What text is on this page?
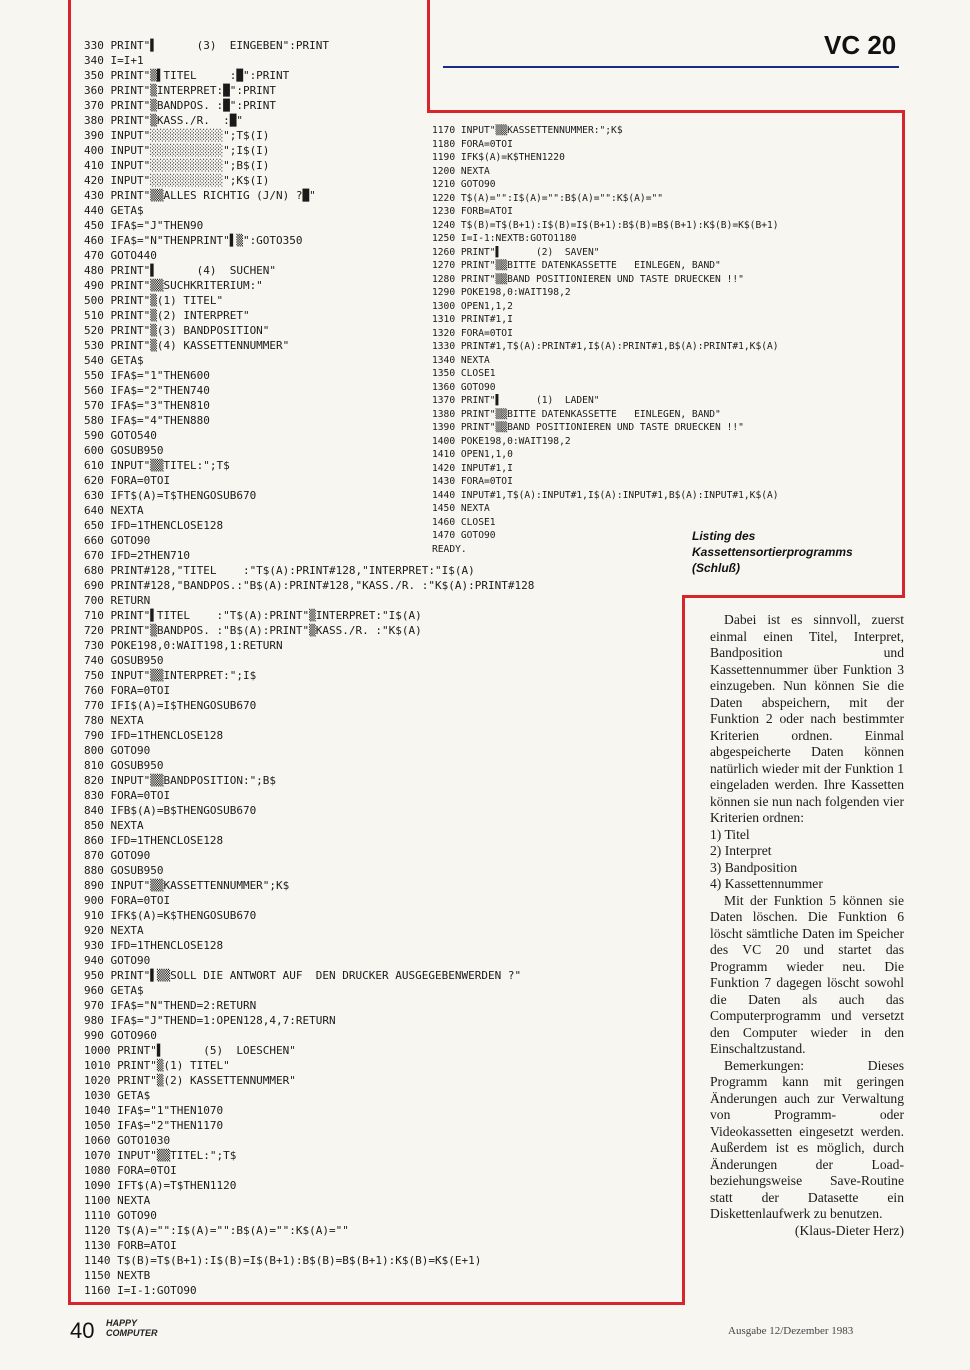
VC 20
330 PRINT"▌      (3)  EINGEBEN":PRINT
340 I=I+1
350 PRINT"▒▌TITEL     :█":PRINT
360 PRINT"▒INTERPRET:█":PRINT
370 PRINT"▒BANDPOS. :█":PRINT
380 PRINT"▒KASS./R.  :█"
390 INPUT"░░░░░░░░░░░";T$(I)
400 INPUT"░░░░░░░░░░░";I$(I)
410 INPUT"░░░░░░░░░░░";B$(I)
420 INPUT"░░░░░░░░░░░";K$(I)
430 PRINT"▒▒ALLES RICHTIG (J/N) ?█"
440 GETA$
450 IFA$="J"THEN90
460 IFA$="N"THENPRINT"▌▒":GOTO350
470 GOTO440
480 PRINT"▌      (4)  SUCHEN"
490 PRINT"▒▒SUCHKRITERIUM:"
500 PRINT"▒(1) TITEL"
510 PRINT"▒(2) INTERPRET"
520 PRINT"▒(3) BANDPOSITION"
530 PRINT"▒(4) KASSETTENNUMMER"
540 GETA$
550 IFA$="1"THEN600
560 IFA$="2"THEN740
570 IFA$="3"THEN810
580 IFA$="4"THEN880
590 GOTO540
600 GOSUB950
610 INPUT"▒▒TITEL:";T$
620 FORA=0TOI
630 IFT$(A)=T$THENGOSUB670
640 NEXTA
650 IFD=1THENCLOSE128
660 GOTO90
670 IFD=2THEN710
680 PRINT#128,"TITEL    :"T$(A):PRINT#128,"INTERPRET:"I$(A)
690 PRINT#128,"BANDPOS.:"B$(A):PRINT#128,"KASS./R. :"K$(A):PRINT#128
700 RETURN
710 PRINT"▌TITEL    :"T$(A):PRINT"▒INTERPRET:"I$(A)
720 PRINT"▒BANDPOS. :"B$(A):PRINT"▒KASS./R. :"K$(A)
730 POKE198,0:WAIT198,1:RETURN
740 GOSUB950
750 INPUT"▒▒INTERPRET:";I$
760 FORA=0TOI
770 IFI$(A)=I$THENGOSUB670
780 NEXTA
790 IFD=1THENCLOSE128
800 GOTO90
810 GOSUB950
820 INPUT"▒▒BANDPOSITION:";B$
830 FORA=0TOI
840 IFB$(A)=B$THENGOSUB670
850 NEXTA
860 IFD=1THENCLOSE128
870 GOTO90
880 GOSUB950
890 INPUT"▒▒KASSETTENNUMMER";K$
900 FORA=0TOI
910 IFK$(A)=K$THENGOSUB670
920 NEXTA
930 IFD=1THENCLOSE128
940 GOTO90
950 PRINT"▌▒▒SOLL DIE ANTWORT AUF  DEN DRUCKER AUSGEGEBENWERDEN ?"
960 GETA$
970 IFA$="N"THEND=2:RETURN
980 IFA$="J"THEND=1:OPEN128,4,7:RETURN
990 GOTO960
1000 PRINT"▌      (5)  LOESCHEN"
1010 PRINT"▒(1) TITEL"
1020 PRINT"▒(2) KASSETTENNUMMER"
1030 GETA$
1040 IFA$="1"THEN1070
1050 IFA$="2"THEN1170
1060 GOTO1030
1070 INPUT"▒▒TITEL:";T$
1080 FORA=0TOI
1090 IFT$(A)=T$THEN1120
1100 NEXTA
1110 GOTO90
1120 T$(A)="":I$(A)="":B$(A)="":K$(A)=""
1130 FORB=ATOI
1140 T$(B)=T$(B+1):I$(B)=I$(B+1):B$(B)=B$(B+1):K$(B)=K$(E+1)
1150 NEXTB
1160 I=I-1:GOTO90
1170 INPUT"▒▒KASSETTENNUMMER:";K$
1180 FORA=0TOI
1190 IFK$(A)=K$THEN1220
1200 NEXTA
1210 GOTO90
1220 T$(A)="":I$(A)="":B$(A)="":K$(A)=""
1230 FORB=ATOI
1240 T$(B)=T$(B+1):I$(B)=I$(B+1):B$(B)=B$(B+1):K$(B)=K$(B+1)
1250 I=I-1:NEXTB:GOTO1180
1260 PRINT"▌      (2)  SAVEN"
1270 PRINT"▒▒BITTE DATENKASSETTE   EINLEGEN, BAND"
1280 PRINT"▒▒BAND POSITIONIEREN UND TASTE DRUECKEN !!"
1290 POKE198,0:WAIT198,2
1300 OPEN1,1,2
1310 PRINT#1,I
1320 FORA=0TOI
1330 PRINT#1,T$(A):PRINT#1,I$(A):PRINT#1,B$(A):PRINT#1,K$(A)
1340 NEXTA
1350 CLOSE1
1360 GOTO90
1370 PRINT"▌      (1)  LADEN"
1380 PRINT"▒▒BITTE DATENKASSETTE   EINLEGEN, BAND"
1390 PRINT"▒▒BAND POSITIONIEREN UND TASTE DRUECKEN !!"
1400 POKE198,0:WAIT198,2
1410 OPEN1,1,0
1420 INPUT#1,I
1430 FORA=0TOI
1440 INPUT#1,T$(A):INPUT#1,I$(A):INPUT#1,B$(A):INPUT#1,K$(A)
1450 NEXTA
1460 CLOSE1
1470 GOTO90
READY.
Listing des Kassettensortierprogramms (Schluß)

Dabei ist es sinnvoll, zuerst einmal einen Titel, Interpret, Bandposition und Kassettennummer über Funktion 3 einzugeben. Nun können Sie die Daten abspeichern, mit der Funktion 2 oder nach bestimmter Kriterien ordnen. Einmal abgespeicherte Daten können natürlich wieder mit der Funktion 1 eingeladen werden. Ihre Kassetten können sie nun nach folgenden vier Kriterien ordnen:

1) Titel
2) Interpret
3) Bandposition
4) Kassettennummer

Mit der Funktion 5 können sie Daten löschen. Die Funktion 6 löscht sämtliche Daten im Speicher des VC 20 und startet das Programm wieder neu. Die Funktion 7 dagegen löscht sowohl die Daten als auch das Computerprogramm und versetzt den Computer wieder in den Einschaltzustand.

Bemerkungen: Dieses Programm kann mit geringen Änderungen auch zur Verwaltung von Programm- oder Videokassetten eingesetzt werden. Außerdem ist es möglich, durch Änderungen der Load- beziehungsweise Save-Routine statt der Datasette ein Diskettenlaufwerk zu benutzen.

(Klaus-Dieter Herz)
40 HAPPY
COMPUTER	Ausgabe 12/Dezember 1983
